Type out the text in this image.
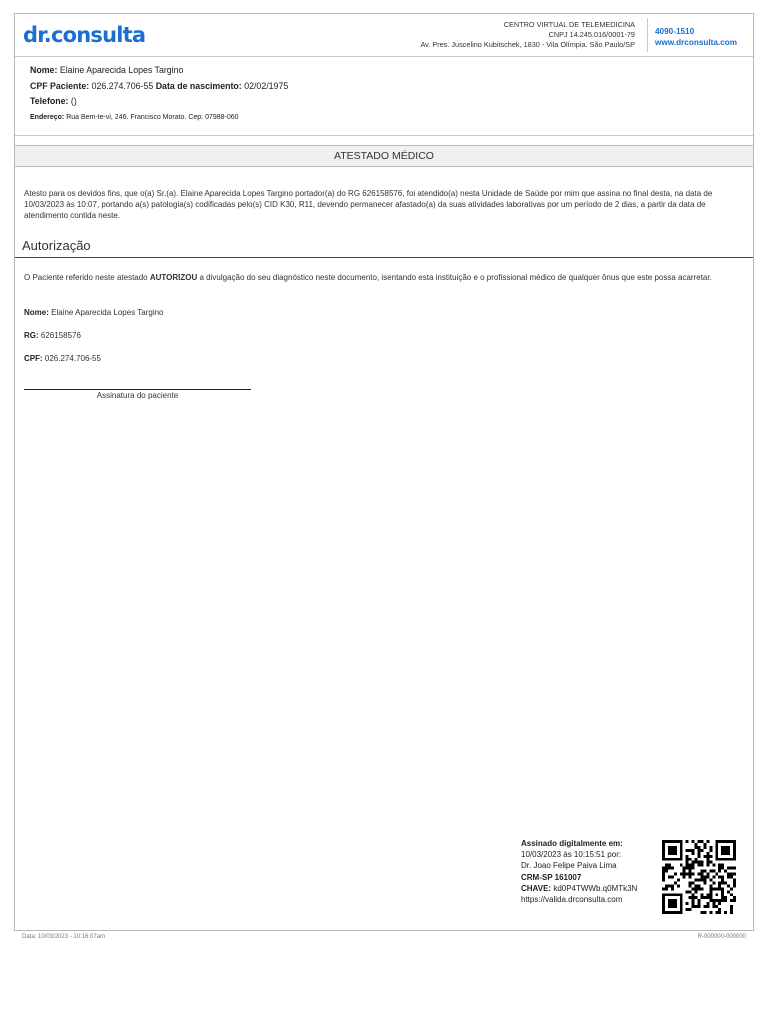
dr.consulta	CENTRO VIRTUAL DE TELEMEDICINA
CNPJ 14.245.016/0001-79
Av. Pres. Juscelino Kubitschek, 1830 - Vila Olímpia. São Paulo/SP
4090-1510
www.drconsulta.com
Nome: Elaine Aparecida Lopes Targino
CPF Paciente: 026.274.706-55 Data de nascimento: 02/02/1975
Telefone: ()
Endereço: Rua Bem-te-vi, 246. Francisco Morato. Cep: 07988-060
ATESTADO MÉDICO
Atesto para os devidos fins, que o(a) Sr.(a). Elaine Aparecida Lopes Targino portador(a) do RG 626158576, foi atendido(a) nesta Unidade de Saúde por mim que assina no final desta, na data de 10/03/2023 às 10:07, portando a(s) patologia(s) codificadas pelo(s) CID K30, R11, devendo permanecer afastado(a) da suas atividades laborativas por um período de 2 dias, a partir da data de atendimento contida neste.
Autorização
O Paciente referido neste atestado AUTORIZOU a divulgação do seu diagnóstico neste documento, isentando esta instituição e o profissional médico de qualquer ônus que este possa acarretar.
Nome: Elaine Aparecida Lopes Targino
RG: 626158576
CPF: 026.274.706-55
Assinatura do paciente
Assinado digitalmente em:
10/03/2023 às 10:15:51 por:
Dr. Joao Felipe Paiva Lima
CRM-SP 161007
CHAVE: kd0P4TWWb.q0MTk3N
https://valida.drconsulta.com
Data: 10/03/2023 - 10:16:07am	R-000000-000000
